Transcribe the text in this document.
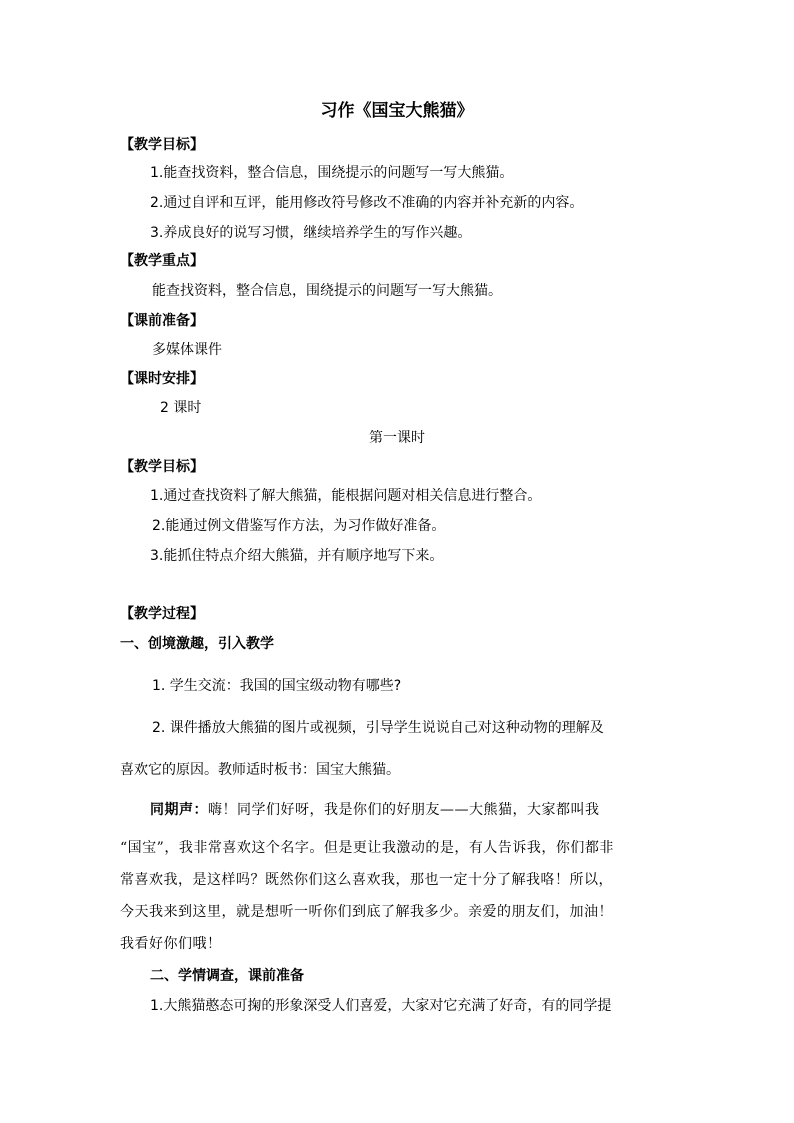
习作《国宝大熊猫》
【教学目标】
1.能查找资料，整合信息，围绕提示的问题写一写大熊猫。
2.通过自评和互评，能用修改符号修改不准确的内容并补充新的内容。
3.养成良好的说写习惯，继续培养学生的写作兴趣。
【教学重点】
能查找资料，整合信息，围绕提示的问题写一写大熊猫。
【课前准备】
多媒体课件
【课时安排】
2 课时
第一课时
【教学目标】
1.通过查找资料了解大熊猫，能根据问题对相关信息进行整合。
2.能通过例文借鉴写作方法，为习作做好准备。
3.能抓住特点介绍大熊猫，并有顺序地写下来。
【教学过程】
一、创境激趣，引入教学
1. 学生交流：我国的国宝级动物有哪些?
2. 课件播放大熊猫的图片或视频，引导学生说说自己对这种动物的理解及
喜欢它的原因。教师适时板书：国宝大熊猫。
同期声：嗨！同学们好呀，我是你们的好朋友——大熊猫，大家都叫我
“国宝”，我非常喜欢这个名字。但是更让我激动的是，有人告诉我，你们都非
常喜欢我，是这样吗？既然你们这么喜欢我，那也一定十分了解我咯！所以，
今天我来到这里，就是想听一听你们到底了解我多少。亲爱的朋友们，加油！
我看好你们哦！
二、学情调查，课前准备
1.大熊猫憨态可掬的形象深受人们喜爱，大家对它充满了好奇，有的同学提
